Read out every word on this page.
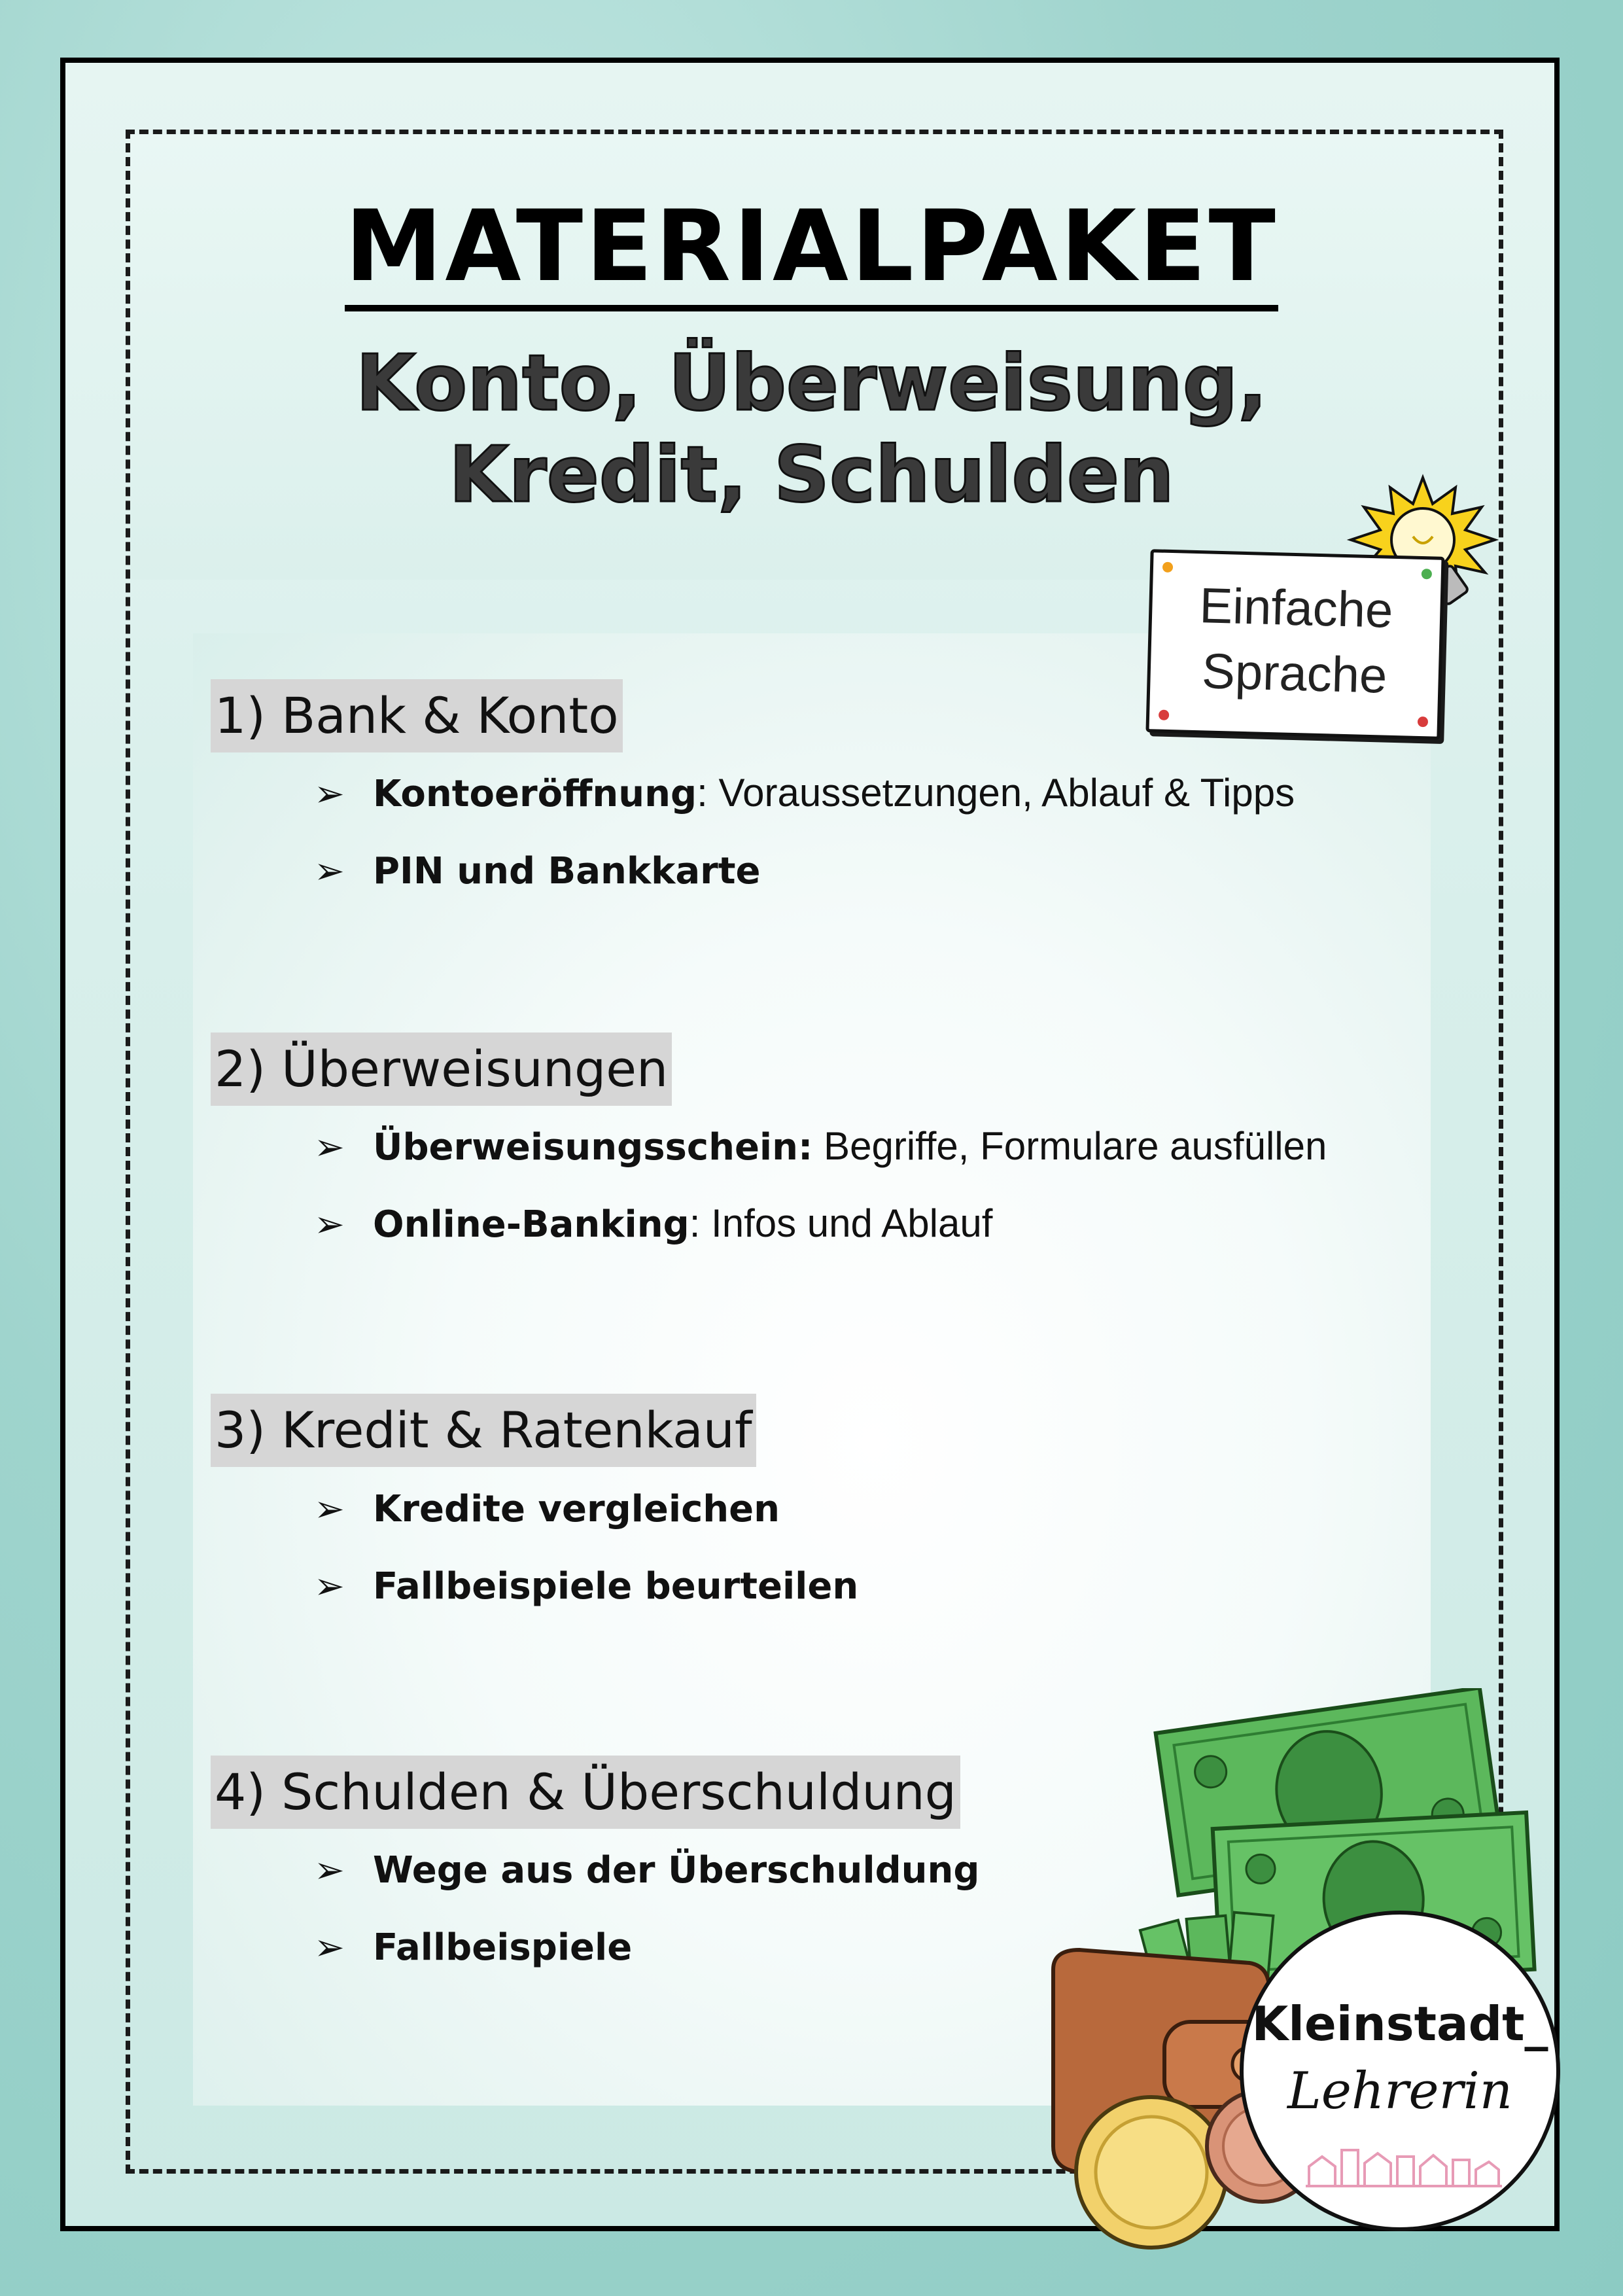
MATERIALPAKET
Konto, Überweisung,
Kredit, Schulden
Einfache
Sprache
1) Bank & Konto
➢ Kontoeröffnung: Voraussetzungen, Ablauf & Tipps
➢ PIN und Bankkarte
2) Überweisungen
➢ Überweisungsschein: Begriffe, Formulare ausfüllen
➢ Online-Banking: Infos und Ablauf
3) Kredit & Ratenkauf
➢ Kredite vergleichen
➢ Fallbeispiele beurteilen
4) Schulden & Überschuldung
➢ Wege aus der Überschuldung
➢ Fallbeispiele
Kleinstadt_
Lehrerin
